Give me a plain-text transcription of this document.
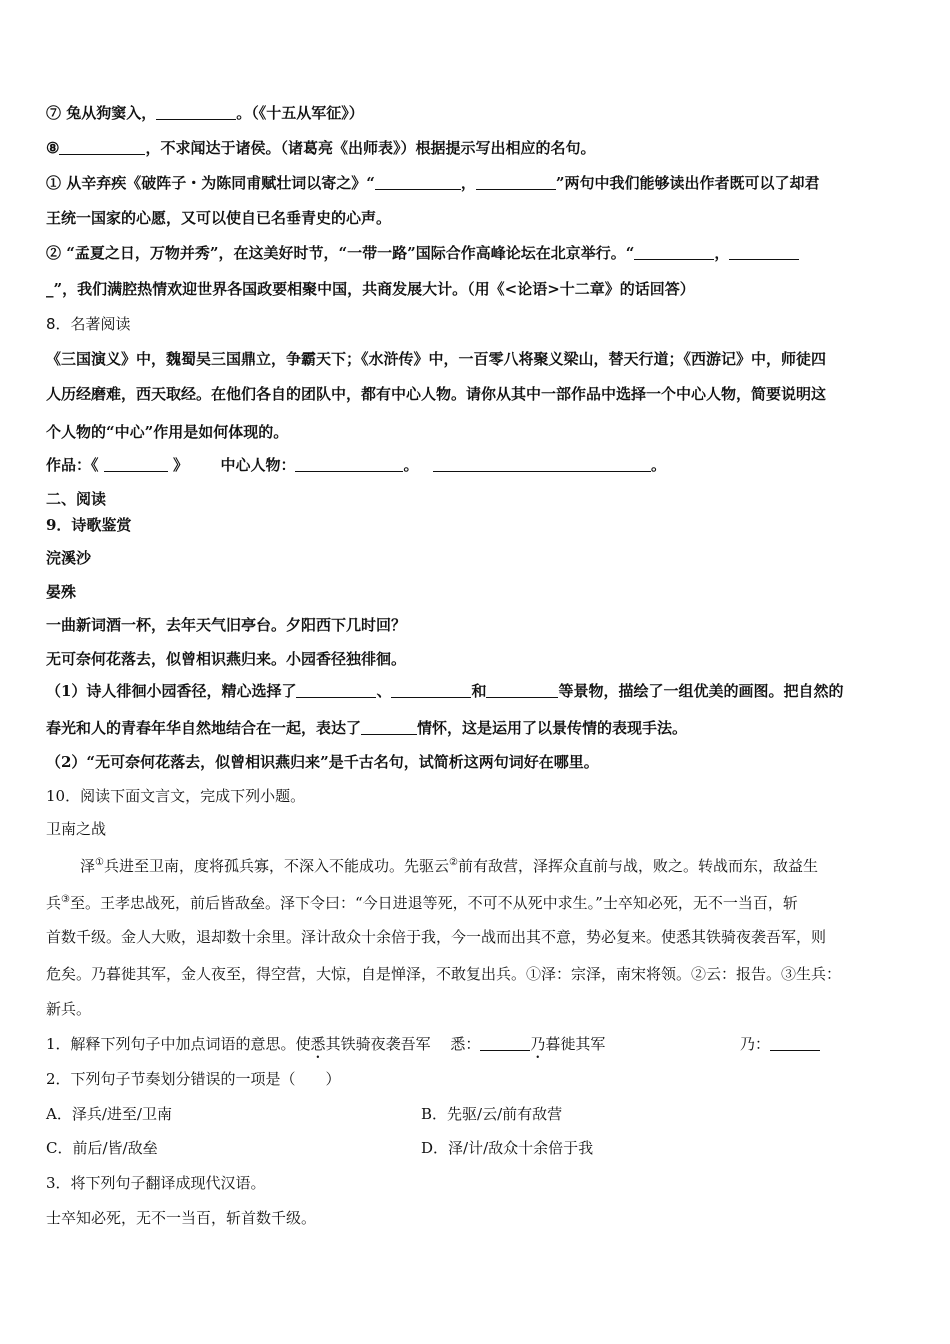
⑦ 兔从狗窦入，	。（《十五从军征》）
⑧	，不求闻达于诸侯。（诸葛亮《出师表》）根据提示写出相应的名句。
① 从辛弃疾《破阵子・为陈同甫赋壮词以寄之》“	，	”两句中我们能够读出作者既可以了却君
王统一国家的心愿，又可以使自已名垂青史的心声。
② “孟夏之日，万物并秀”，在这美好时节，“一带一路”国际合作高峰论坛在北京举行。“	，
_”，我们满腔热情欢迎世界各国政要相聚中国，共商发展大计。（用《<论语>十二章》的话回答）
8．名著阅读
《三国演义》中，魏蜀吴三国鼎立，争霸天下；《水浒传》中，一百零八将聚义梁山，替天行道；《西游记》中，师徒四
人历经磨难，西天取经。在他们各自的团队中，都有中心人物。请你从其中一部作品中选择一个中心人物，简要说明这
个人物的“中心”作用是如何体现的。
作品：《	》 中心人物：	。	。
二、阅读
9．诗歌鉴赏
浣溪沙
晏殊
一曲新词酒一杯，去年天气旧亭台。夕阳西下几时回？
无可奈何花落去，似曾相识燕归来。小园香径独徘徊。
（1）诗人徘徊小园香径，精心选择了	、	和	等景物，描绘了一组优美的画图。把自然的
春光和人的青春年华自然地结合在一起，表达了	情怀，这是运用了以景传情的表现手法。
（2）“无可奈何花落去，似曾相识燕归来”是千古名句，试简析这两句词好在哪里。
10．阅读下面文言文，完成下列小题。
卫南之战
泽①兵进至卫南，度将孤兵寡，不深入不能成功。先驱云②前有敌营，泽挥众直前与战，败之。转战而东，敌益生
兵③至。王孝忠战死，前后皆敌垒。泽下令曰：“今日进退等死，不可不从死中求生。”士卒知必死，无不一当百，斩
首数千级。金人大败，退却数十余里。泽计敌众十余倍于我，今一战而出其不意，势必复来。使悉其铁骑夜袭吾军，则
危矣。乃暮徙其军，金人夜至，得空营，大惊，自是惮泽，不敢复出兵。①泽：宗泽，南宋将领。②云：报告。③生兵：
新兵。
1．解释下列句子中加点词语的意思。使悉其铁骑夜袭吾军　 悉：	乃暮徙其军	乃：
2．下列句子节奏划分错误的一项是（　　）
A．泽兵/进至/卫南	B．先驱/云/前有敌营
C．前后/皆/敌垒	D．泽/计/敌众十余倍于我
3．将下列句子翻译成现代汉语。
士卒知必死，无不一当百，斩首数千级。
